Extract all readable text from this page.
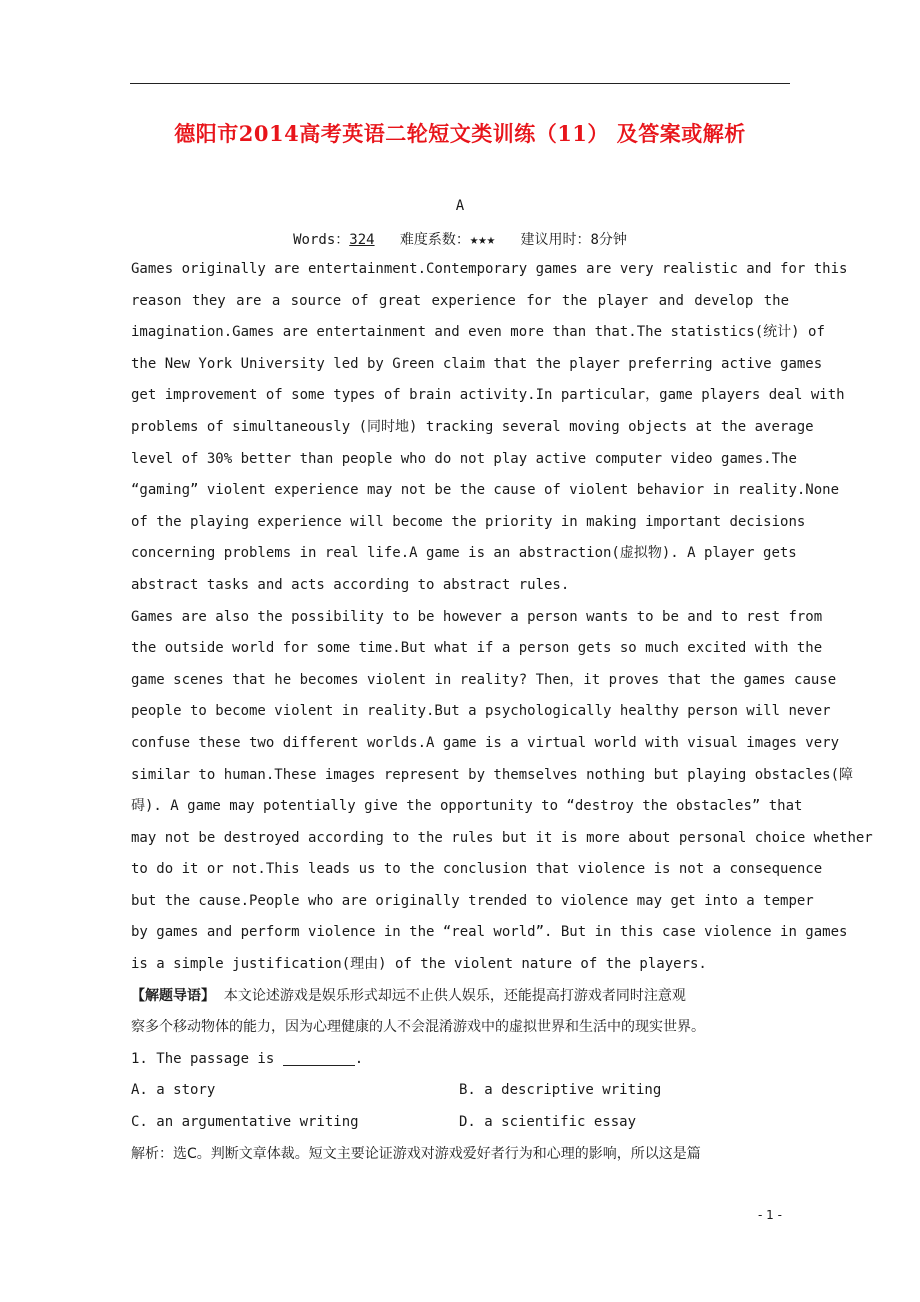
德阳市2014高考英语二轮短文类训练（11） 及答案或解析
A
Words：324 难度系数：★★★ 建议用时：8分钟
Games originally are entertainment.Contemporary games are very realistic and for this
reason they are a source of great experience for the player and develop the
imagination.Games are entertainment and even more than that.The statistics(统计) of
the New York University led by Green claim that the player preferring active games
get improvement of some types of brain activity.In particular，game players deal with
problems of simultaneously (同时地) tracking several moving objects at the average
level of 30% better than people who do not play active computer video games.The
“gaming” violent experience may not be the cause of violent behavior in reality.None
of the playing experience will become the priority in making important decisions
concerning problems in real life.A game is an abstraction(虚拟物). A player gets
abstract tasks and acts according to abstract rules.
Games are also the possibility to be however a person wants to be and to rest from
the outside world for some time.But what if a person gets so much excited with the
game scenes that he becomes violent in reality? Then，it proves that the games cause
people to become violent in reality.But a psychologically healthy person will never
confuse these two different worlds.A game is a virtual world with visual images very
similar to human.These images represent by themselves nothing but playing obstacles(障
碍). A game may potentially give the opportunity to “destroy the obstacles” that
may not be destroyed according to the rules but it is more about personal choice whether
to do it or not.This leads us to the conclusion that violence is not a consequence
but the cause.People who are originally trended to violence may get into a temper
by games and perform violence in the “real world”. But in this case violence in games
is a simple justification(理由) of the violent nature of the players.
【解题导语】 本文论述游戏是娱乐形式却远不止供人娱乐，还能提高打游戏者同时注意观
察多个移动物体的能力，因为心理健康的人不会混淆游戏中的虚拟世界和生活中的现实世界。
1. The passage is	.
A. a story	B. a descriptive writing
C. an argumentative writing	D. a scientific essay
解析：选C。判断文章体裁。短文主要论证游戏对游戏爱好者行为和心理的影响，所以这是篇
- 1 -
